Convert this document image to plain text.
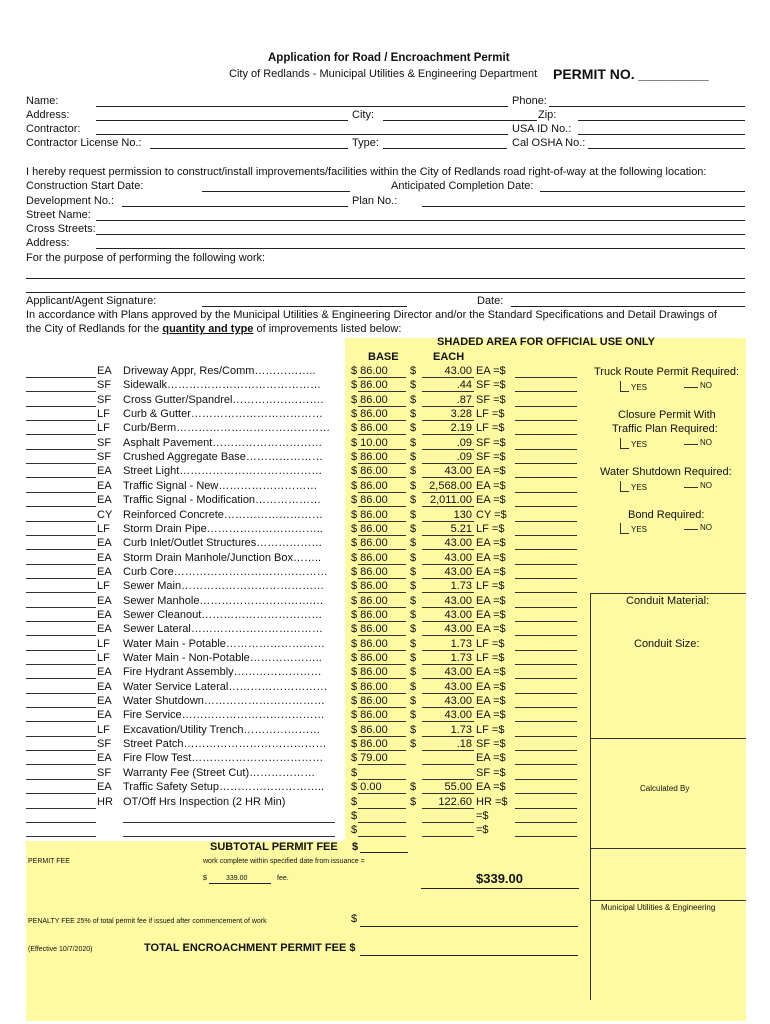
Application for Road / Encroachment Permit
City of Redlands - Municipal Utilities & Engineering Department PERMIT NO. _________
Name:	Phone:
Address:	City:	Zip:
Contractor:	USA ID No.:
Contractor License No.:	Type:	Cal OSHA No.:
I hereby request permission to construct/install improvements/facilities within the City of Redlands road right-of-way at the following location:
Construction Start Date:	Anticipated Completion Date:
Development No.:	Plan No.:
Street Name:
Cross Streets:
Address:
For the purpose of performing the following work:
Applicant/Agent Signature:	Date:
In accordance with Plans approved by the Municipal Utilities & Engineering Director and/or the Standard Specifications and Detail Drawings of
the City of Redlands for the quantity and type of improvements listed below:
SHADED AREA FOR OFFICIAL USE ONLY
BASE	EACH
EA Driveway Appr, Res/Comm……………..	$ 86.00 $	43.00 EA =$
SF Sidewalk……………………………………	$ 86.00 $	.44 SF =$
SF Cross Gutter/Spandrel…………………….	$ 86.00 $	.87 SF =$
LF Curb & Gutter………………………………	$ 86.00 $	3.28 LF =$
LF Curb/Berm…………………………………… $ 86.00 $	2.19 LF =$
SF Asphalt Pavement…………………………	$ 10.00 $	.09 SF =$
SF Crushed Aggregate Base…………………	$ 86.00 $	.09 SF =$
EA Street Light…………………………………	$ 86.00 $	43.00 EA =$
EA Traffic Signal - New………………………	$ 86.00 $	2,568.00 EA =$
EA Traffic Signal - Modification………………	$ 86.00 $	2,011.00 EA =$
CY Reinforced Concrete………………………	$ 86.00 $	130 CY =$
LF Storm Drain Pipe…………………………..	$ 86.00 $	5.21 LF =$
EA Curb Inlet/Outlet Structures………………	$ 86.00 $	43.00 EA =$
EA Storm Drain Manhole/Junction Box……..	$ 86.00 $	43.00 EA =$
EA Curb Core…………………………………… $ 86.00 $	43.00 EA =$
LF Sewer Main………………………………… $ 86.00 $	1.73 LF =$
EA Sewer Manhole………………………….…	$ 86.00 $	43.00 EA =$
EA Sewer Cleanout……………………………	$ 86.00 $	43.00 EA =$
EA Sewer Lateral………………………………	$ 86.00 $	43.00 EA =$
LF Water Main - Potable……………………… $ 86.00 $	1.73 LF =$
LF Water Main - Non-Potable………………..	$ 86.00 $	1.73 LF =$
EA Fire Hydrant Assembly……………………	$ 86.00 $	43.00 EA =$
EA Water Service Lateral……………………… $ 86.00 $	43.00 EA =$
EA Water Shutdown…………………………… $ 86.00 $	43.00 EA =$
EA Fire Service………………………………… $ 86.00 $	43.00 EA =$
LF Excavation/Utility Trench…………………	$ 86.00 $	1.73 LF =$
SF Street Patch………………………………… $ 86.00 $	.18 SF =$
EA Fire Flow Test………………………………	$ 79.00	EA =$
SF Warranty Fee (Street Cut)………………	$	SF =$
EA Traffic Safety Setup……………………….. $ 0.00	$	55.00 EA =$
HR OT/Off Hrs Inspection (2 HR Min)	$	$	122.60 HR =$
$	=$
$	=$
Truck Route Permit Required:
YES	NO
Closure Permit With
Traffic Plan Required:
YES	NO
Water Shutdown Required:
YES	NO
Bond Required:
YES	NO
Conduit Material:
Conduit Size:
Calculated By
Municipal Utilities & Engineering
SUBTOTAL PERMIT FEE $
PERMIT FEE	work complete within specified date from issuance =
$	339.00	fee.	$339.00
PENALTY FEE 25% of total permit fee if issued after commencement of work	$
(Effective 10/7/2020)	TOTAL ENCROACHMENT PERMIT FEE $
